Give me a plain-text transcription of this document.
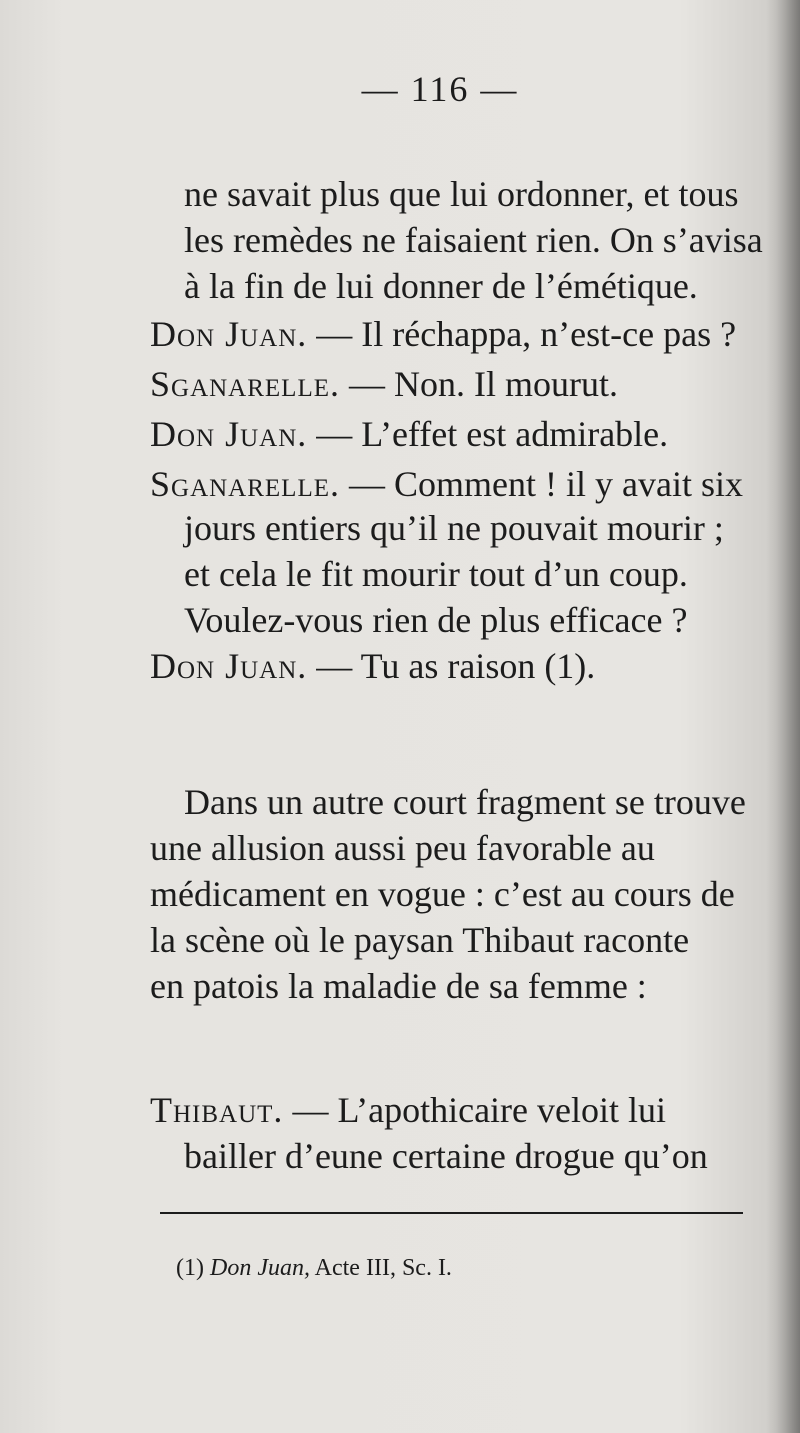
— 116 —
ne savait plus que lui ordonner, et tous
les remèdes ne faisaient rien. On s’avisa
à la fin de lui donner de l’émétique.
Don Juan. — Il réchappa, n’est-ce pas ?
Sganarelle. — Non. Il mourut.
Don Juan. — L’effet est admirable.
Sganarelle. — Comment ! il y avait six
jours entiers qu’il ne pouvait mourir ;
et cela le fit mourir tout d’un coup.
Voulez-vous rien de plus efficace ?
Don Juan. — Tu as raison (1).
Dans un autre court fragment se trouve
une allusion aussi peu favorable au
médicament en vogue : c’est au cours de
la scène où le paysan Thibaut raconte
en patois la maladie de sa femme :
Thibaut. — L’apothicaire veloit lui
bailler d’eune certaine drogue qu’on
(1) Don Juan, Acte III, Sc. I.
